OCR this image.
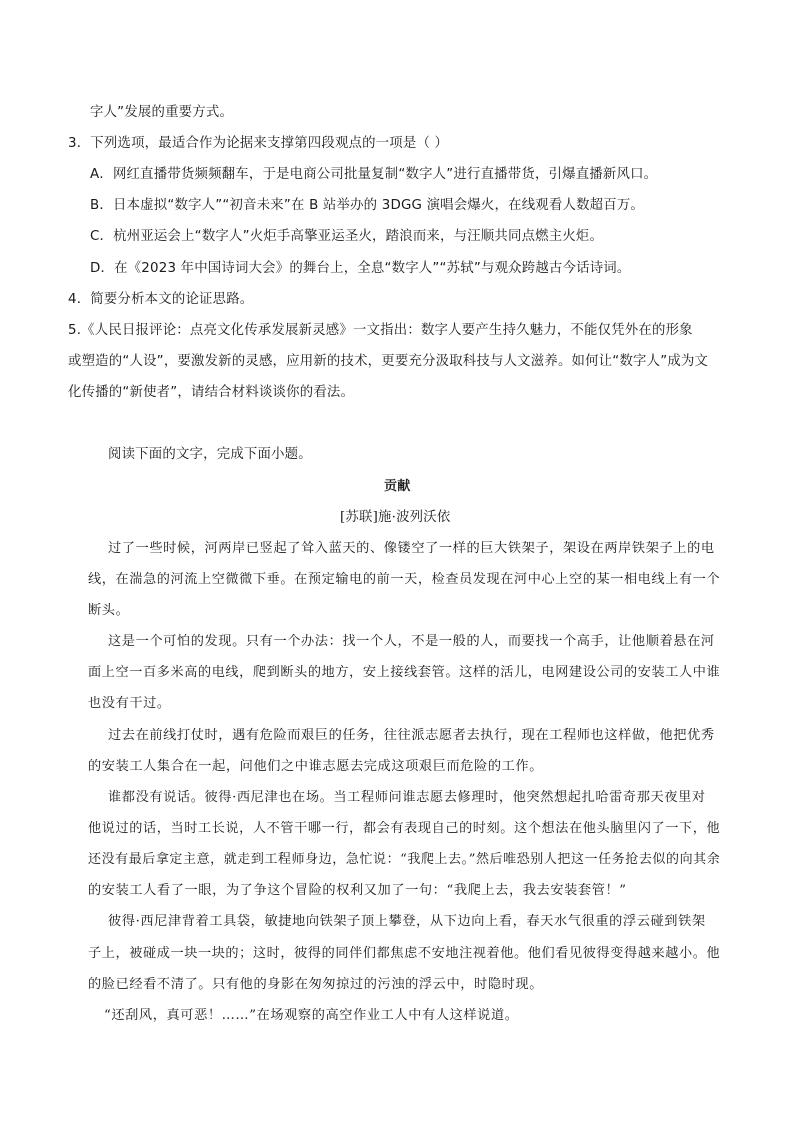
字人”发展的重要方式。
3．下列选项，最适合作为论据来支撑第四段观点的一项是（ ）
A．网红直播带货频频翻车，于是电商公司批量复制“数字人”进行直播带货，引爆直播新风口。
B．日本虚拟“数字人”“初音未来”在 B 站举办的 3DGG 演唱会爆火，在线观看人数超百万。
C．杭州亚运会上“数字人”火炬手高擎亚运圣火，踏浪而来，与汪顺共同点燃主火炬。
D．在《2023 年中国诗词大会》的舞台上，全息“数字人”“苏轼”与观众跨越古今话诗词。
4．简要分析本文的论证思路。
5.《人民日报评论：点亮文化传承发展新灵感》一文指出：数字人要产生持久魅力，不能仅凭外在的形象
或塑造的“人设”，要激发新的灵感，应用新的技术，更要充分汲取科技与人文滋养。如何让“数字人”成为文
化传播的“新使者”，请结合材料谈谈你的看法。
阅读下面的文字，完成下面小题。
贡献
[苏联]施·波列沃依
过了一些时候，河两岸已竖起了耸入蓝天的、像镂空了一样的巨大铁架子，架设在两岸铁架子上的电
线，在湍急的河流上空微微下垂。在预定输电的前一天，检查员发现在河中心上空的某一相电线上有一个
断头。
这是一个可怕的发现。只有一个办法：找一个人，不是一般的人，而要找一个高手，让他顺着悬在河
面上空一百多米高的电线，爬到断头的地方，安上接线套管。这样的活儿，电网建设公司的安装工人中谁
也没有干过。
过去在前线打仗时，遇有危险而艰巨的任务，往往派志愿者去执行，现在工程师也这样做，他把优秀
的安装工人集合在一起，问他们之中谁志愿去完成这项艰巨而危险的工作。
谁都没有说话。彼得·西尼津也在场。当工程师问谁志愿去修理时，他突然想起扎哈雷奇那天夜里对
他说过的话，当时工长说，人不管干哪一行，都会有表现自己的时刻。这个想法在他头脑里闪了一下，他
还没有最后拿定主意，就走到工程师身边，急忙说：“我爬上去。”然后唯恐别人把这一任务抢去似的向其余
的安装工人看了一眼，为了争这个冒险的权利又加了一句：“我爬上去，我去安装套管！”
彼得·西尼津背着工具袋，敏捷地向铁架子顶上攀登，从下边向上看，春天水气很重的浮云碰到铁架
子上，被碰成一块一块的；这时，彼得的同伴们都焦虑不安地注视着他。他们看见彼得变得越来越小。他
的脸已经看不清了。只有他的身影在匆匆掠过的污浊的浮云中，时隐时现。
“还刮风，真可恶！……”在场观察的高空作业工人中有人这样说道。
